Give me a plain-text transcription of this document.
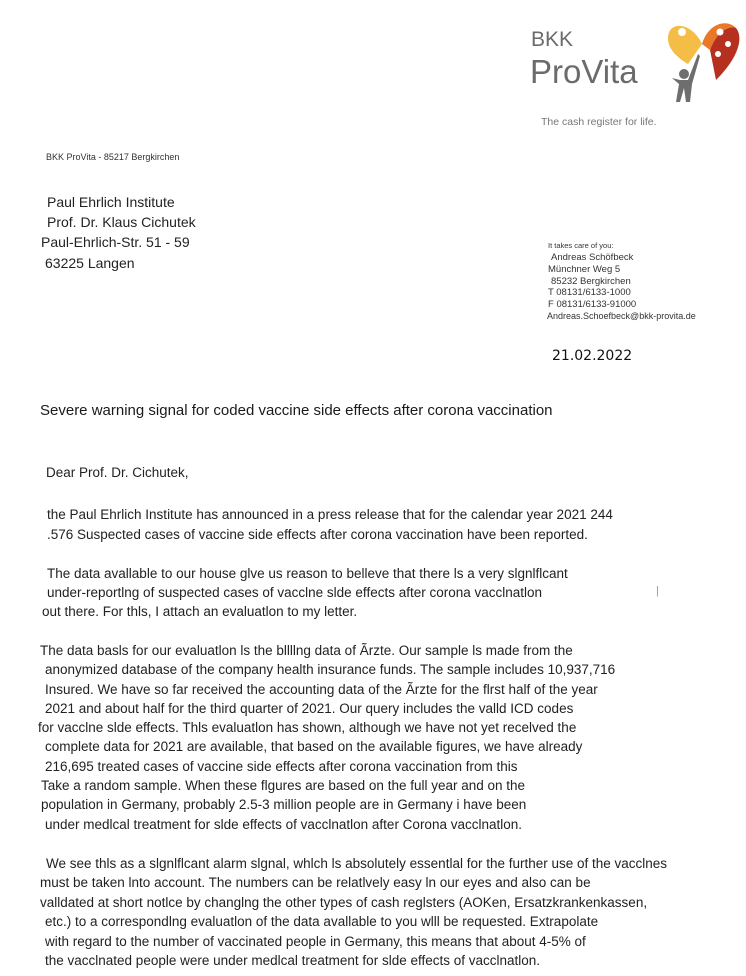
BKK
ProVita
The cash register for life.
BKK ProVita - 85217 Bergkirchen
Paul Ehrlich Institute
Prof. Dr. Klaus Cichutek
Paul-Ehrlich-Str. 51 - 59
63225 Langen
It takes care of you:
Andreas Schöfbeck
Münchner Weg 5
85232 Bergkirchen
T 08131/6133-1000
F 08131/6133-91000
Andreas.Schoefbeck@bkk-provita.de
21.02.2022
Severe warning signal for coded vaccine side effects after corona vaccination
Dear Prof. Dr. Cichutek,
the Paul Ehrlich Institute has announced in a press release that for the calendar year 2021 244
.576 Suspected cases of vaccine side effects after corona vaccination have been reported.
The data avallable to our house glve us reason to belleve that there ls a very slgnlflcant
under-reportlng of suspected cases of vacclne slde effects after corona vacclnatlon
out there. For thls, I attach an evaluatlon to my letter.
|
The data basls for our evaluatlon ls the bllllng data of Ãrzte. Our sample ls made from the
anonymized database of the company health insurance funds. The sample includes 10,937,716
Insured. We have so far received the accounting data of the Ãrzte for the flrst half of the year
2021 and about half for the third quarter of 2021. Our query includes the valld ICD codes
for vacclne slde effects. Thls evaluatlon has shown, although we have not yet recelved the
complete data for 2021 are available, that based on the available figures, we have already
216,695 treated cases of vaccine side effects after corona vaccination from this
Take a random sample. When these flgures are based on the full year and on the
population in Germany, probably 2.5-3 million people are in Germany i have been
under medlcal treatment for slde effects of vacclnatlon after Corona vacclnatlon.
We see thls as a slgnlflcant alarm slgnal, whlch ls absolutely essentlal for the further use of the vacclnes
must be taken lnto account. The numbers can be relatlvely easy ln our eyes and also can be
valldated at short notlce by changlng the other types of cash reglsters (AOKen, Ersatzkrankenkassen,
etc.) to a correspondlng evaluatlon of the data avallable to you wlll be requested. Extrapolate
with regard to the number of vaccinated people in Germany, this means that about 4-5% of
the vacclnated people were under medlcal treatment for slde effects of vacclnatlon.
